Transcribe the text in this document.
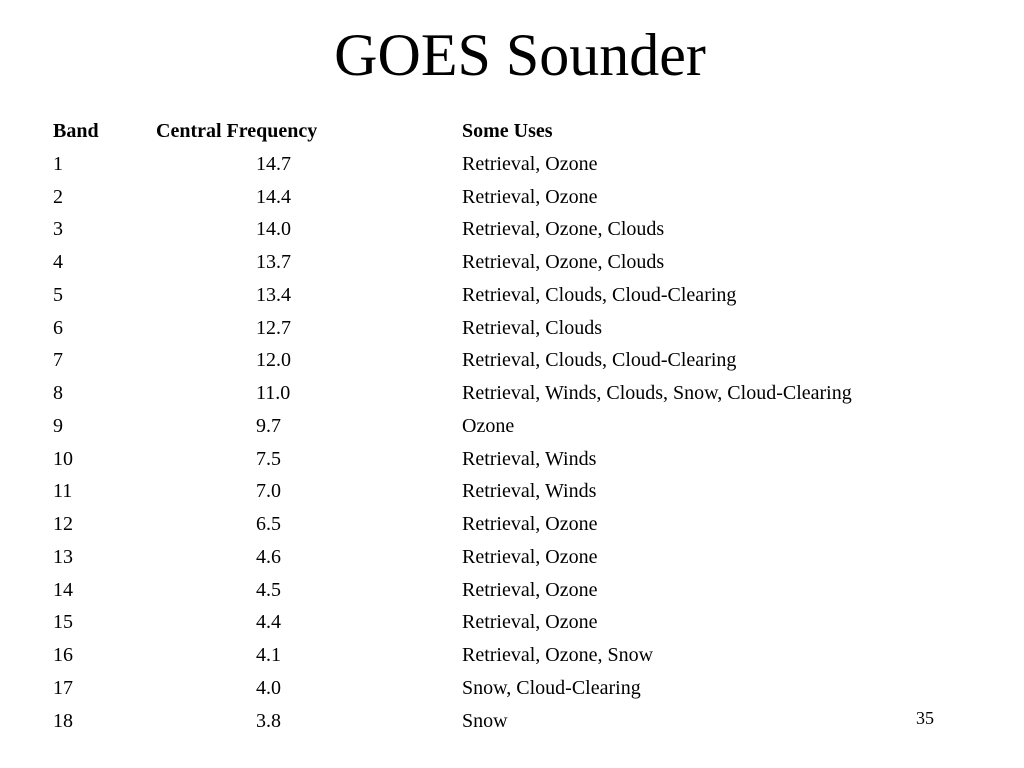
GOES Sounder
Band	Central Frequency	Some Uses
1	14.7	Retrieval, Ozone
2	14.4	Retrieval, Ozone
3	14.0	Retrieval, Ozone, Clouds
4	13.7	Retrieval, Ozone, Clouds
5	13.4	Retrieval, Clouds, Cloud-Clearing
6	12.7	Retrieval, Clouds
7	12.0	Retrieval, Clouds, Cloud-Clearing
8	11.0	Retrieval, Winds, Clouds, Snow, Cloud-Clearing
9	9.7	Ozone
10	7.5	Retrieval, Winds
11	7.0	Retrieval, Winds
12	6.5	Retrieval, Ozone
13	4.6	Retrieval, Ozone
14	4.5	Retrieval, Ozone
15	4.4	Retrieval, Ozone
16	4.1	Retrieval, Ozone, Snow
17	4.0	Snow, Cloud-Clearing
18	3.8	Snow	35
